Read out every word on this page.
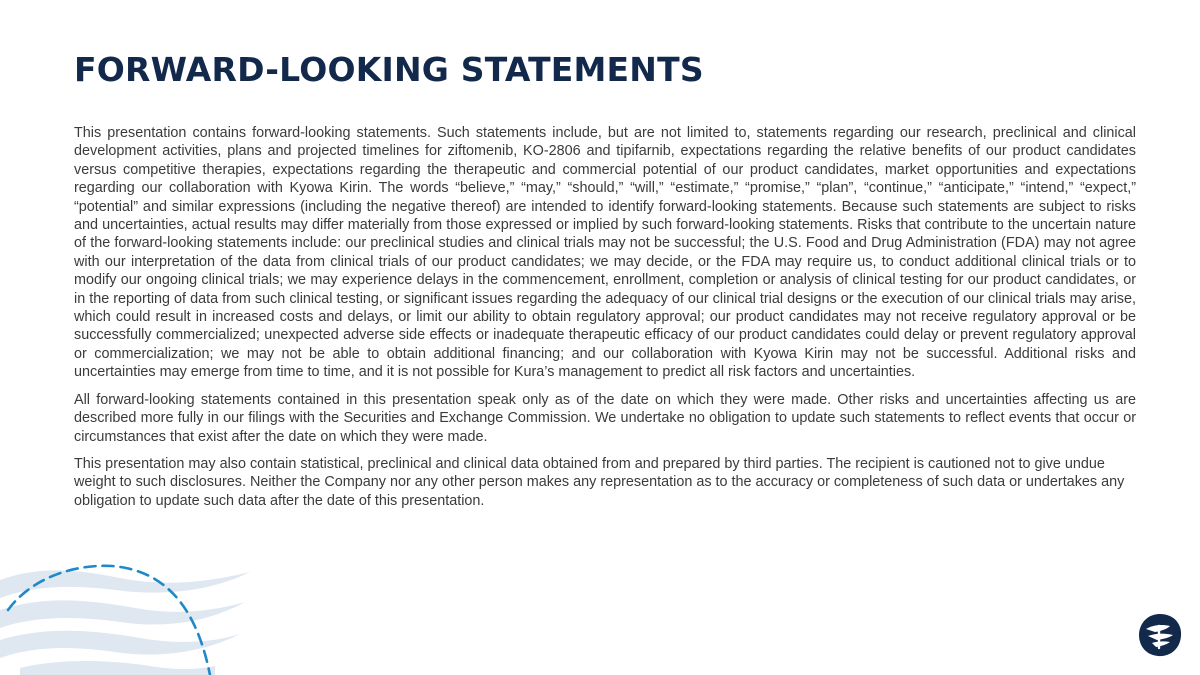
FORWARD-LOOKING STATEMENTS

This presentation contains forward-looking statements. Such statements include, but are not limited to, statements regarding our research, preclinical and clinical development activities, plans and projected timelines for ziftomenib, KO-2806 and tipifarnib, expectations regarding the relative benefits of our product candidates versus competitive therapies, expectations regarding the therapeutic and commercial potential of our product candidates, market opportunities and expectations regarding our collaboration with Kyowa Kirin. The words “believe,” “may,” “should,” “will,” “estimate,” “promise,” “plan”, “continue,” “anticipate,” “intend,” “expect,” “potential” and similar expressions (including the negative thereof) are intended to identify forward-looking statements. Because such statements are subject to risks and uncertainties, actual results may differ materially from those expressed or implied by such forward-looking statements. Risks that contribute to the uncertain nature of the forward-looking statements include: our preclinical studies and clinical trials may not be successful; the U.S. Food and Drug Administration (FDA) may not agree with our interpretation of the data from clinical trials of our product candidates; we may decide, or the FDA may require us, to conduct additional clinical trials or to modify our ongoing clinical trials; we may experience delays in the commencement, enrollment, completion or analysis of clinical testing for our product candidates, or in the reporting of data from such clinical testing, or significant issues regarding the adequacy of our clinical trial designs or the execution of our clinical trials may arise, which could result in increased costs and delays, or limit our ability to obtain regulatory approval; our product candidates may not receive regulatory approval or be successfully commercialized; unexpected adverse side effects or inadequate therapeutic efficacy of our product candidates could delay or prevent regulatory approval or commercialization; we may not be able to obtain additional financing; and our collaboration with Kyowa Kirin may not be successful. Additional risks and uncertainties may emerge from time to time, and it is not possible for Kura’s management to predict all risk factors and uncertainties.

All forward-looking statements contained in this presentation speak only as of the date on which they were made. Other risks and uncertainties affecting us are described more fully in our filings with the Securities and Exchange Commission. We undertake no obligation to update such statements to reflect events that occur or circumstances that exist after the date on which they were made.

This presentation may also contain statistical, preclinical and clinical data obtained from and prepared by third parties. The recipient is cautioned not to give undue weight to such disclosures. Neither the Company nor any other person makes any representation as to the accuracy or completeness of such data or undertakes any obligation to update such data after the date of this presentation.
